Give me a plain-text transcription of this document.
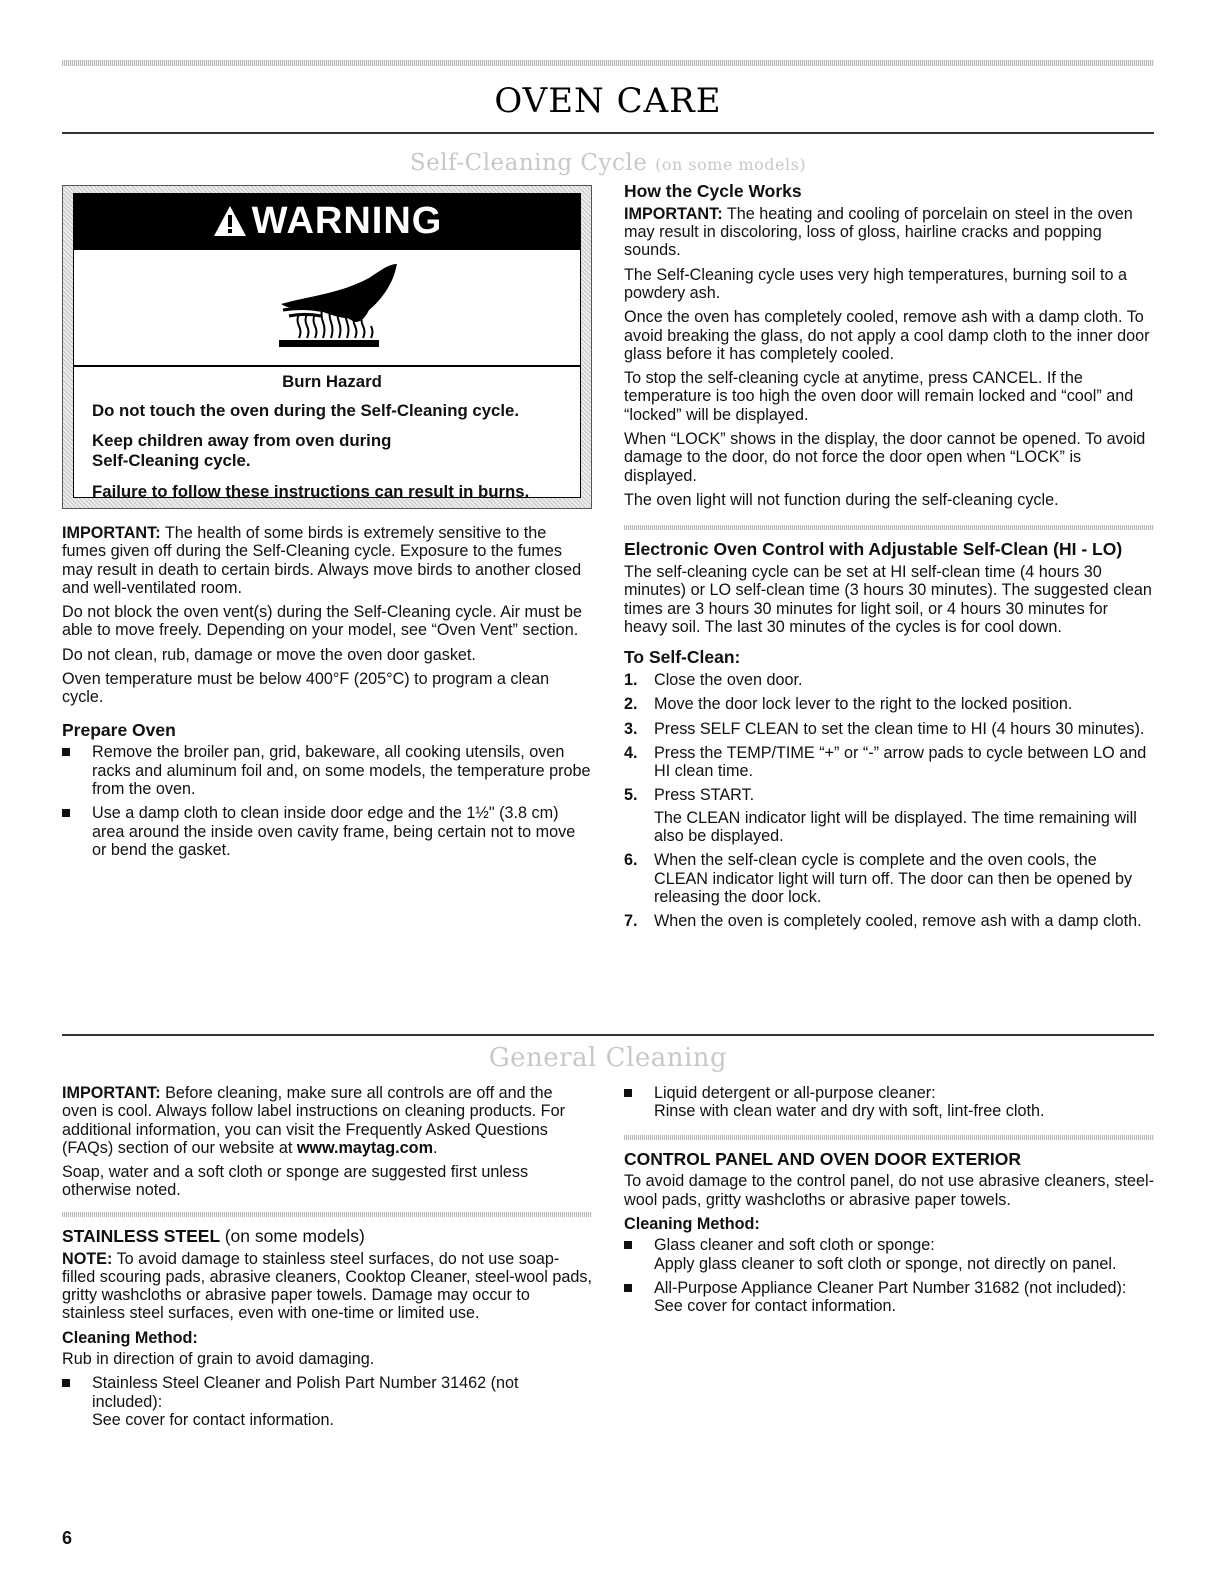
OVEN CARE
Self-Cleaning Cycle (on some models)
WARNING
Burn Hazard
Do not touch the oven during the Self-Cleaning cycle.
Keep children away from oven during
Self-Cleaning cycle.
Failure to follow these instructions can result in burns.

IMPORTANT: The health of some birds is extremely sensitive to the fumes given off during the Self-Cleaning cycle. Exposure to the fumes may result in death to certain birds. Always move birds to another closed and well-ventilated room.

Do not block the oven vent(s) during the Self-Cleaning cycle. Air must be able to move freely. Depending on your model, see “Oven Vent” section.

Do not clean, rub, damage or move the oven door gasket.

Oven temperature must be below 400°F (205°C) to program a clean cycle.

Prepare Oven
Remove the broiler pan, grid, bakeware, all cooking utensils, oven racks and aluminum foil and, on some models, the temperature probe from the oven.
Use a damp cloth to clean inside door edge and the 1½" (3.8 cm) area around the inside oven cavity frame, being certain not to move or bend the gasket.
How the Cycle Works

IMPORTANT: The heating and cooling of porcelain on steel in the oven may result in discoloring, loss of gloss, hairline cracks and popping sounds.

The Self-Cleaning cycle uses very high temperatures, burning soil to a powdery ash.

Once the oven has completely cooled, remove ash with a damp cloth. To avoid breaking the glass, do not apply a cool damp cloth to the inner door glass before it has completely cooled.

To stop the self-cleaning cycle at anytime, press CANCEL. If the temperature is too high the oven door will remain locked and “cool” and “locked” will be displayed.

When “LOCK” shows in the display, the door cannot be opened. To avoid damage to the door, do not force the door open when “LOCK” is displayed.

The oven light will not function during the self-cleaning cycle.

Electronic Oven Control with Adjustable Self-Clean (HI - LO)

The self-cleaning cycle can be set at HI self-clean time (4 hours 30 minutes) or LO self-clean time (3 hours 30 minutes). The suggested clean times are 3 hours 30 minutes for light soil, or 4 hours 30 minutes for heavy soil. The last 30 minutes of the cycles is for cool down.

To Self-Clean:
1. Close the oven door.
2. Move the door lock lever to the right to the locked position.
3. Press SELF CLEAN to set the clean time to HI (4 hours 30 minutes).
4. Press the TEMP/TIME “+” or “-” arrow pads to cycle between LO and HI clean time.
5. Press START.
The CLEAN indicator light will be displayed. The time remaining will also be displayed.
6. When the self-clean cycle is complete and the oven cools, the CLEAN indicator light will turn off. The door can then be opened by releasing the door lock.
7. When the oven is completely cooled, remove ash with a damp cloth.
General Cleaning

IMPORTANT: Before cleaning, make sure all controls are off and the oven is cool. Always follow label instructions on cleaning products. For additional information, you can visit the Frequently Asked Questions (FAQs) section of our website at www.maytag.com.

Soap, water and a soft cloth or sponge are suggested first unless otherwise noted.

STAINLESS STEEL (on some models)

NOTE: To avoid damage to stainless steel surfaces, do not use soap-filled scouring pads, abrasive cleaners, Cooktop Cleaner, steel-wool pads, gritty washcloths or abrasive paper towels. Damage may occur to stainless steel surfaces, even with one-time or limited use.

Cleaning Method:

Rub in direction of grain to avoid damaging.

Stainless Steel Cleaner and Polish Part Number 31462 (not included):
See cover for contact information.
Liquid detergent or all-purpose cleaner:
Rinse with clean water and dry with soft, lint-free cloth.
CONTROL PANEL AND OVEN DOOR EXTERIOR

To avoid damage to the control panel, do not use abrasive cleaners, steel-wool pads, gritty washcloths or abrasive paper towels.

Cleaning Method:
Glass cleaner and soft cloth or sponge:
Apply glass cleaner to soft cloth or sponge, not directly on panel.
All-Purpose Appliance Cleaner Part Number 31682 (not included):
See cover for contact information.
6
